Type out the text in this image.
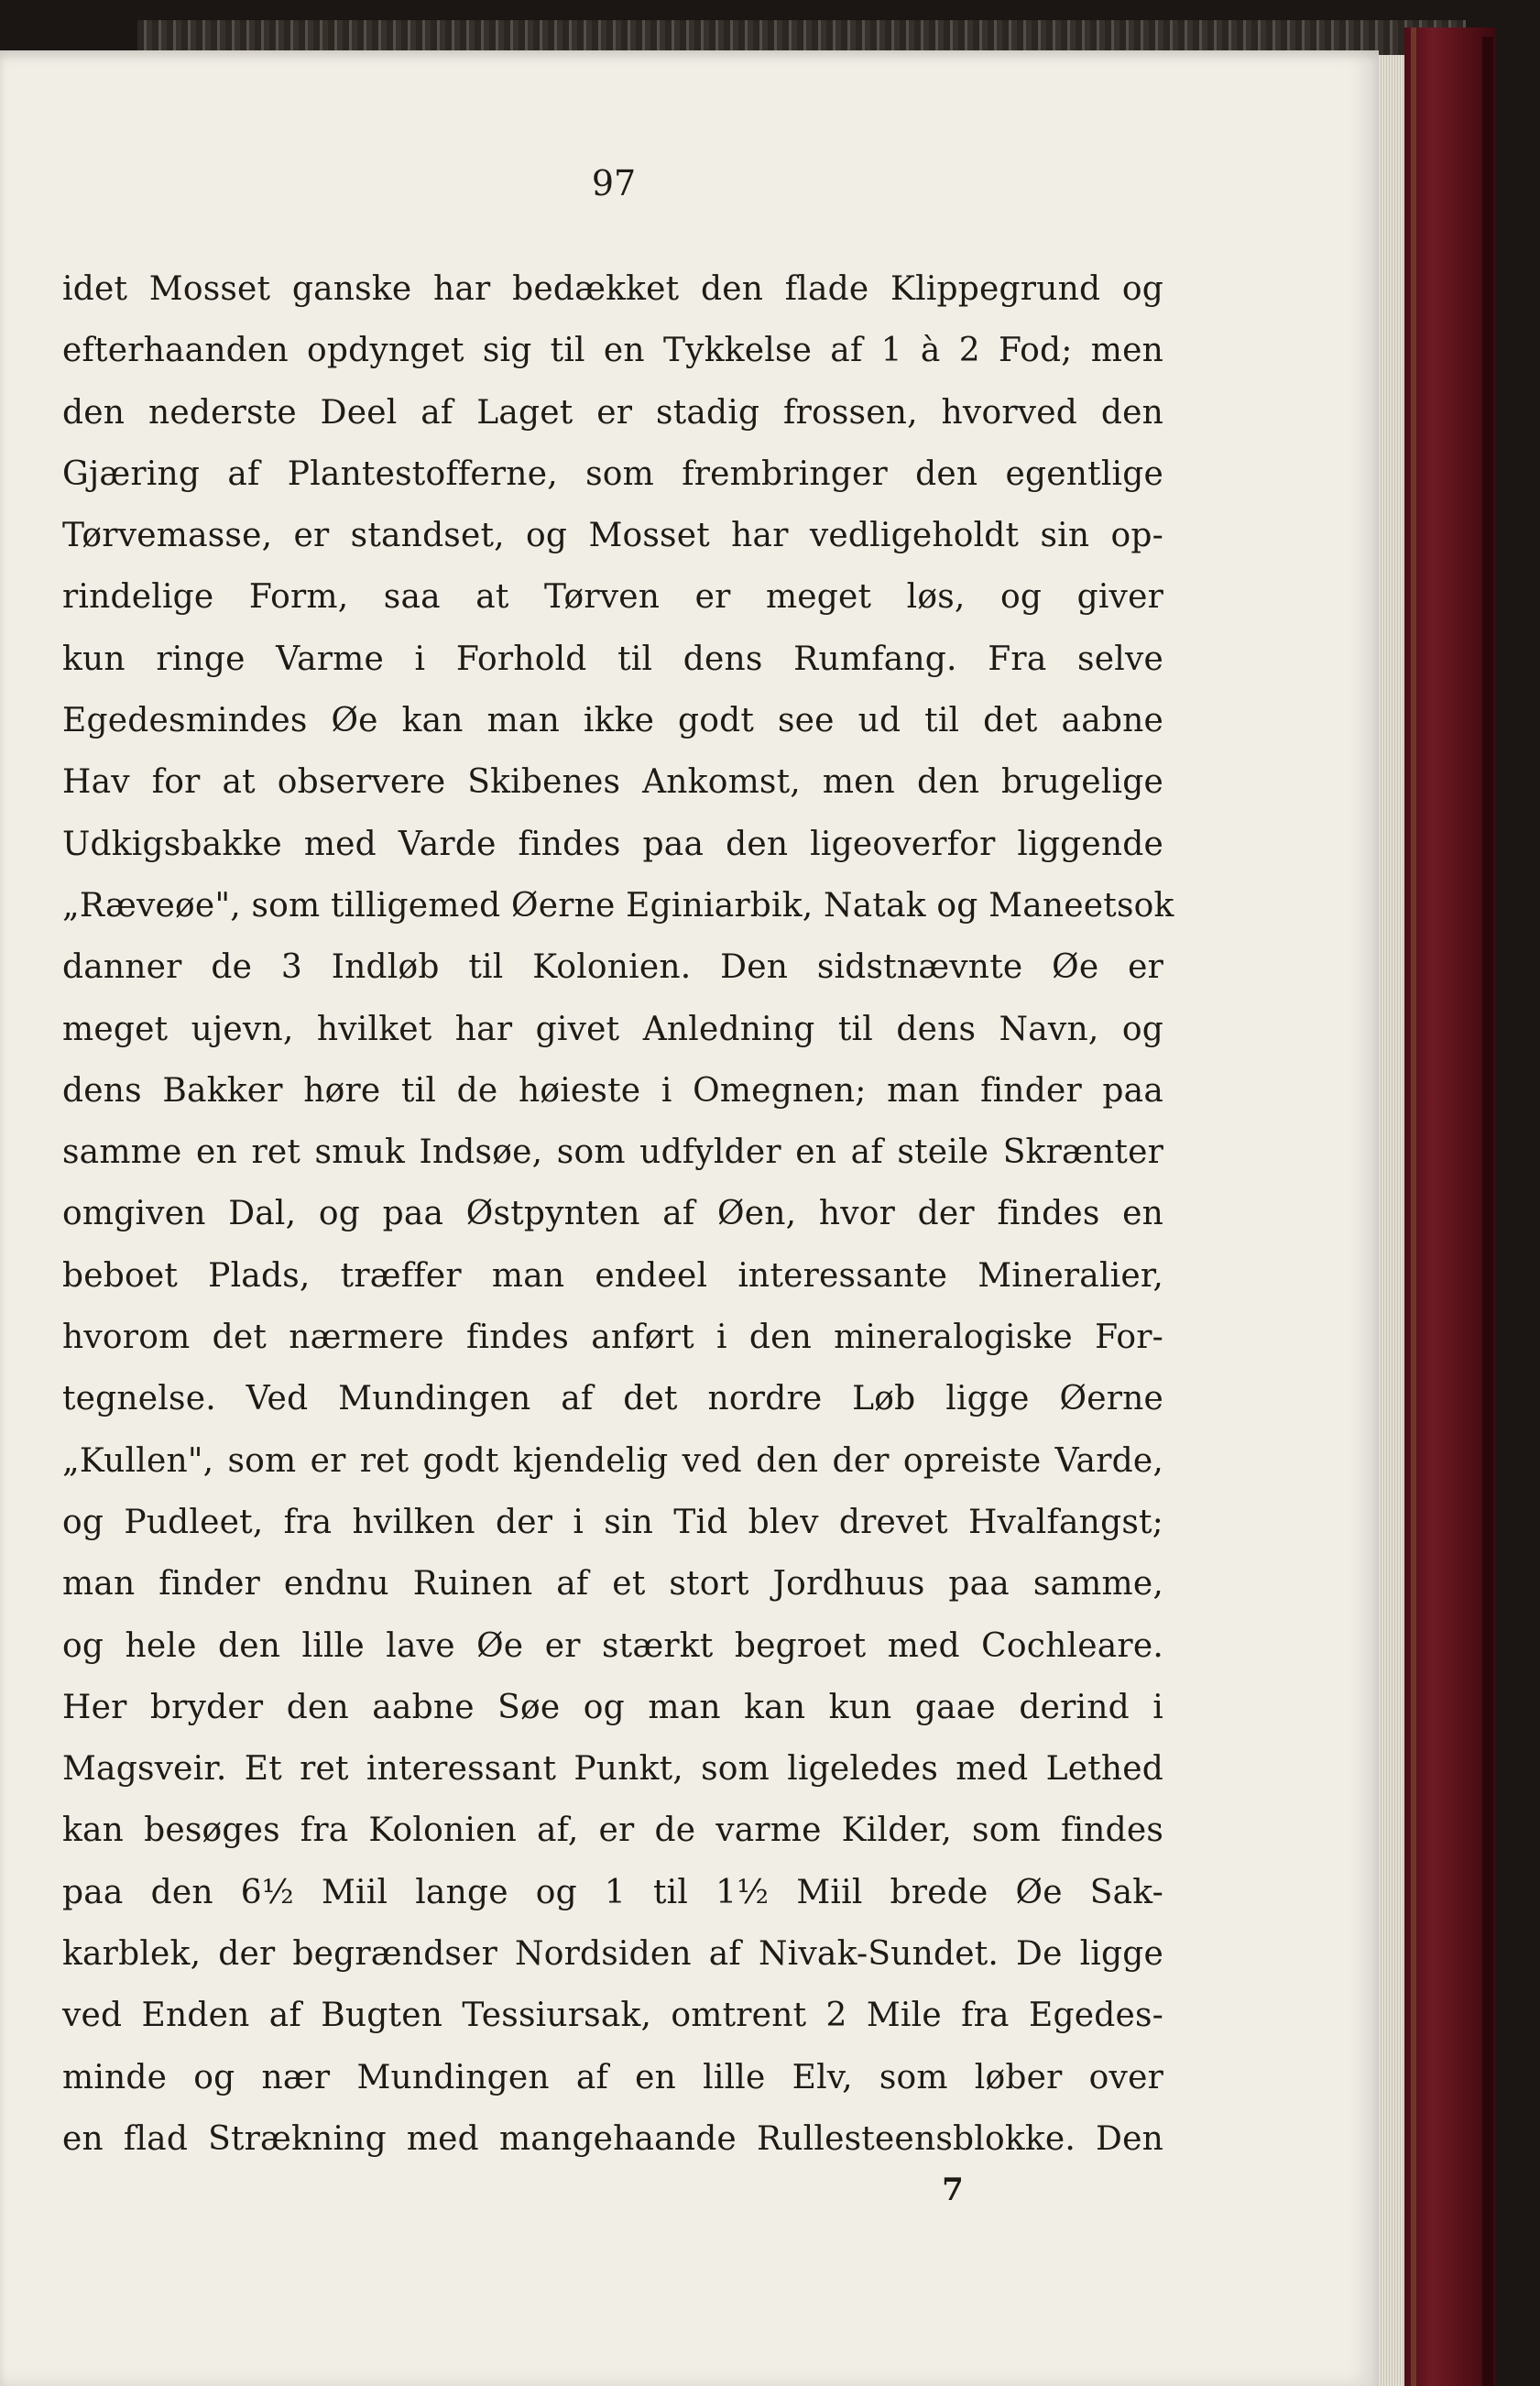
97

idet Mosset ganske har bedækket den flade Klippegrund og
efterhaanden opdynget sig til en Tykkelse af 1 à 2 Fod; men
den nederste Deel af Laget er stadig frossen, hvorved den
Gjæring af Plantestofferne, som frembringer den egentlige
Tørvemasse, er standset, og Mosset har vedligeholdt sin op-
rindelige Form, saa at Tørven er meget løs, og giver
kun ringe Varme i Forhold til dens Rumfang. Fra selve
Egedesmindes Øe kan man ikke godt see ud til det aabne
Hav for at observere Skibenes Ankomst, men den brugelige
Udkigsbakke med Varde findes paa den ligeoverfor liggende
„Ræveøe", som tilligemed Øerne Eginiarbik, Natak og Maneetsok
danner de 3 Indløb til Kolonien. Den sidstnævnte Øe er
meget ujevn, hvilket har givet Anledning til dens Navn, og
dens Bakker høre til de høieste i Omegnen; man finder paa
samme en ret smuk Indsøe, som udfylder en af steile Skrænter
omgiven Dal, og paa Østpynten af Øen, hvor der findes en
beboet Plads, træffer man endeel interessante Mineralier,
hvorom det nærmere findes anført i den mineralogiske For-
tegnelse. Ved Mundingen af det nordre Løb ligge Øerne
„Kullen", som er ret godt kjendelig ved den der opreiste Varde,
og Pudleet, fra hvilken der i sin Tid blev drevet Hvalfangst;
man finder endnu Ruinen af et stort Jordhuus paa samme,
og hele den lille lave Øe er stærkt begroet med Cochleare.
Her bryder den aabne Søe og man kan kun gaae derind i
Magsveir. Et ret interessant Punkt, som ligeledes med Lethed
kan besøges fra Kolonien af, er de varme Kilder, som findes
paa den 6½ Miil lange og 1 til 1½ Miil brede Øe Sak-
karblek, der begrændser Nordsiden af Nivak-Sundet. De ligge
ved Enden af Bugten Tessiursak, omtrent 2 Mile fra Egedes-
minde og nær Mundingen af en lille Elv, som løber over
en flad Strækning med mangehaande Rullesteensblokke. Den

7
